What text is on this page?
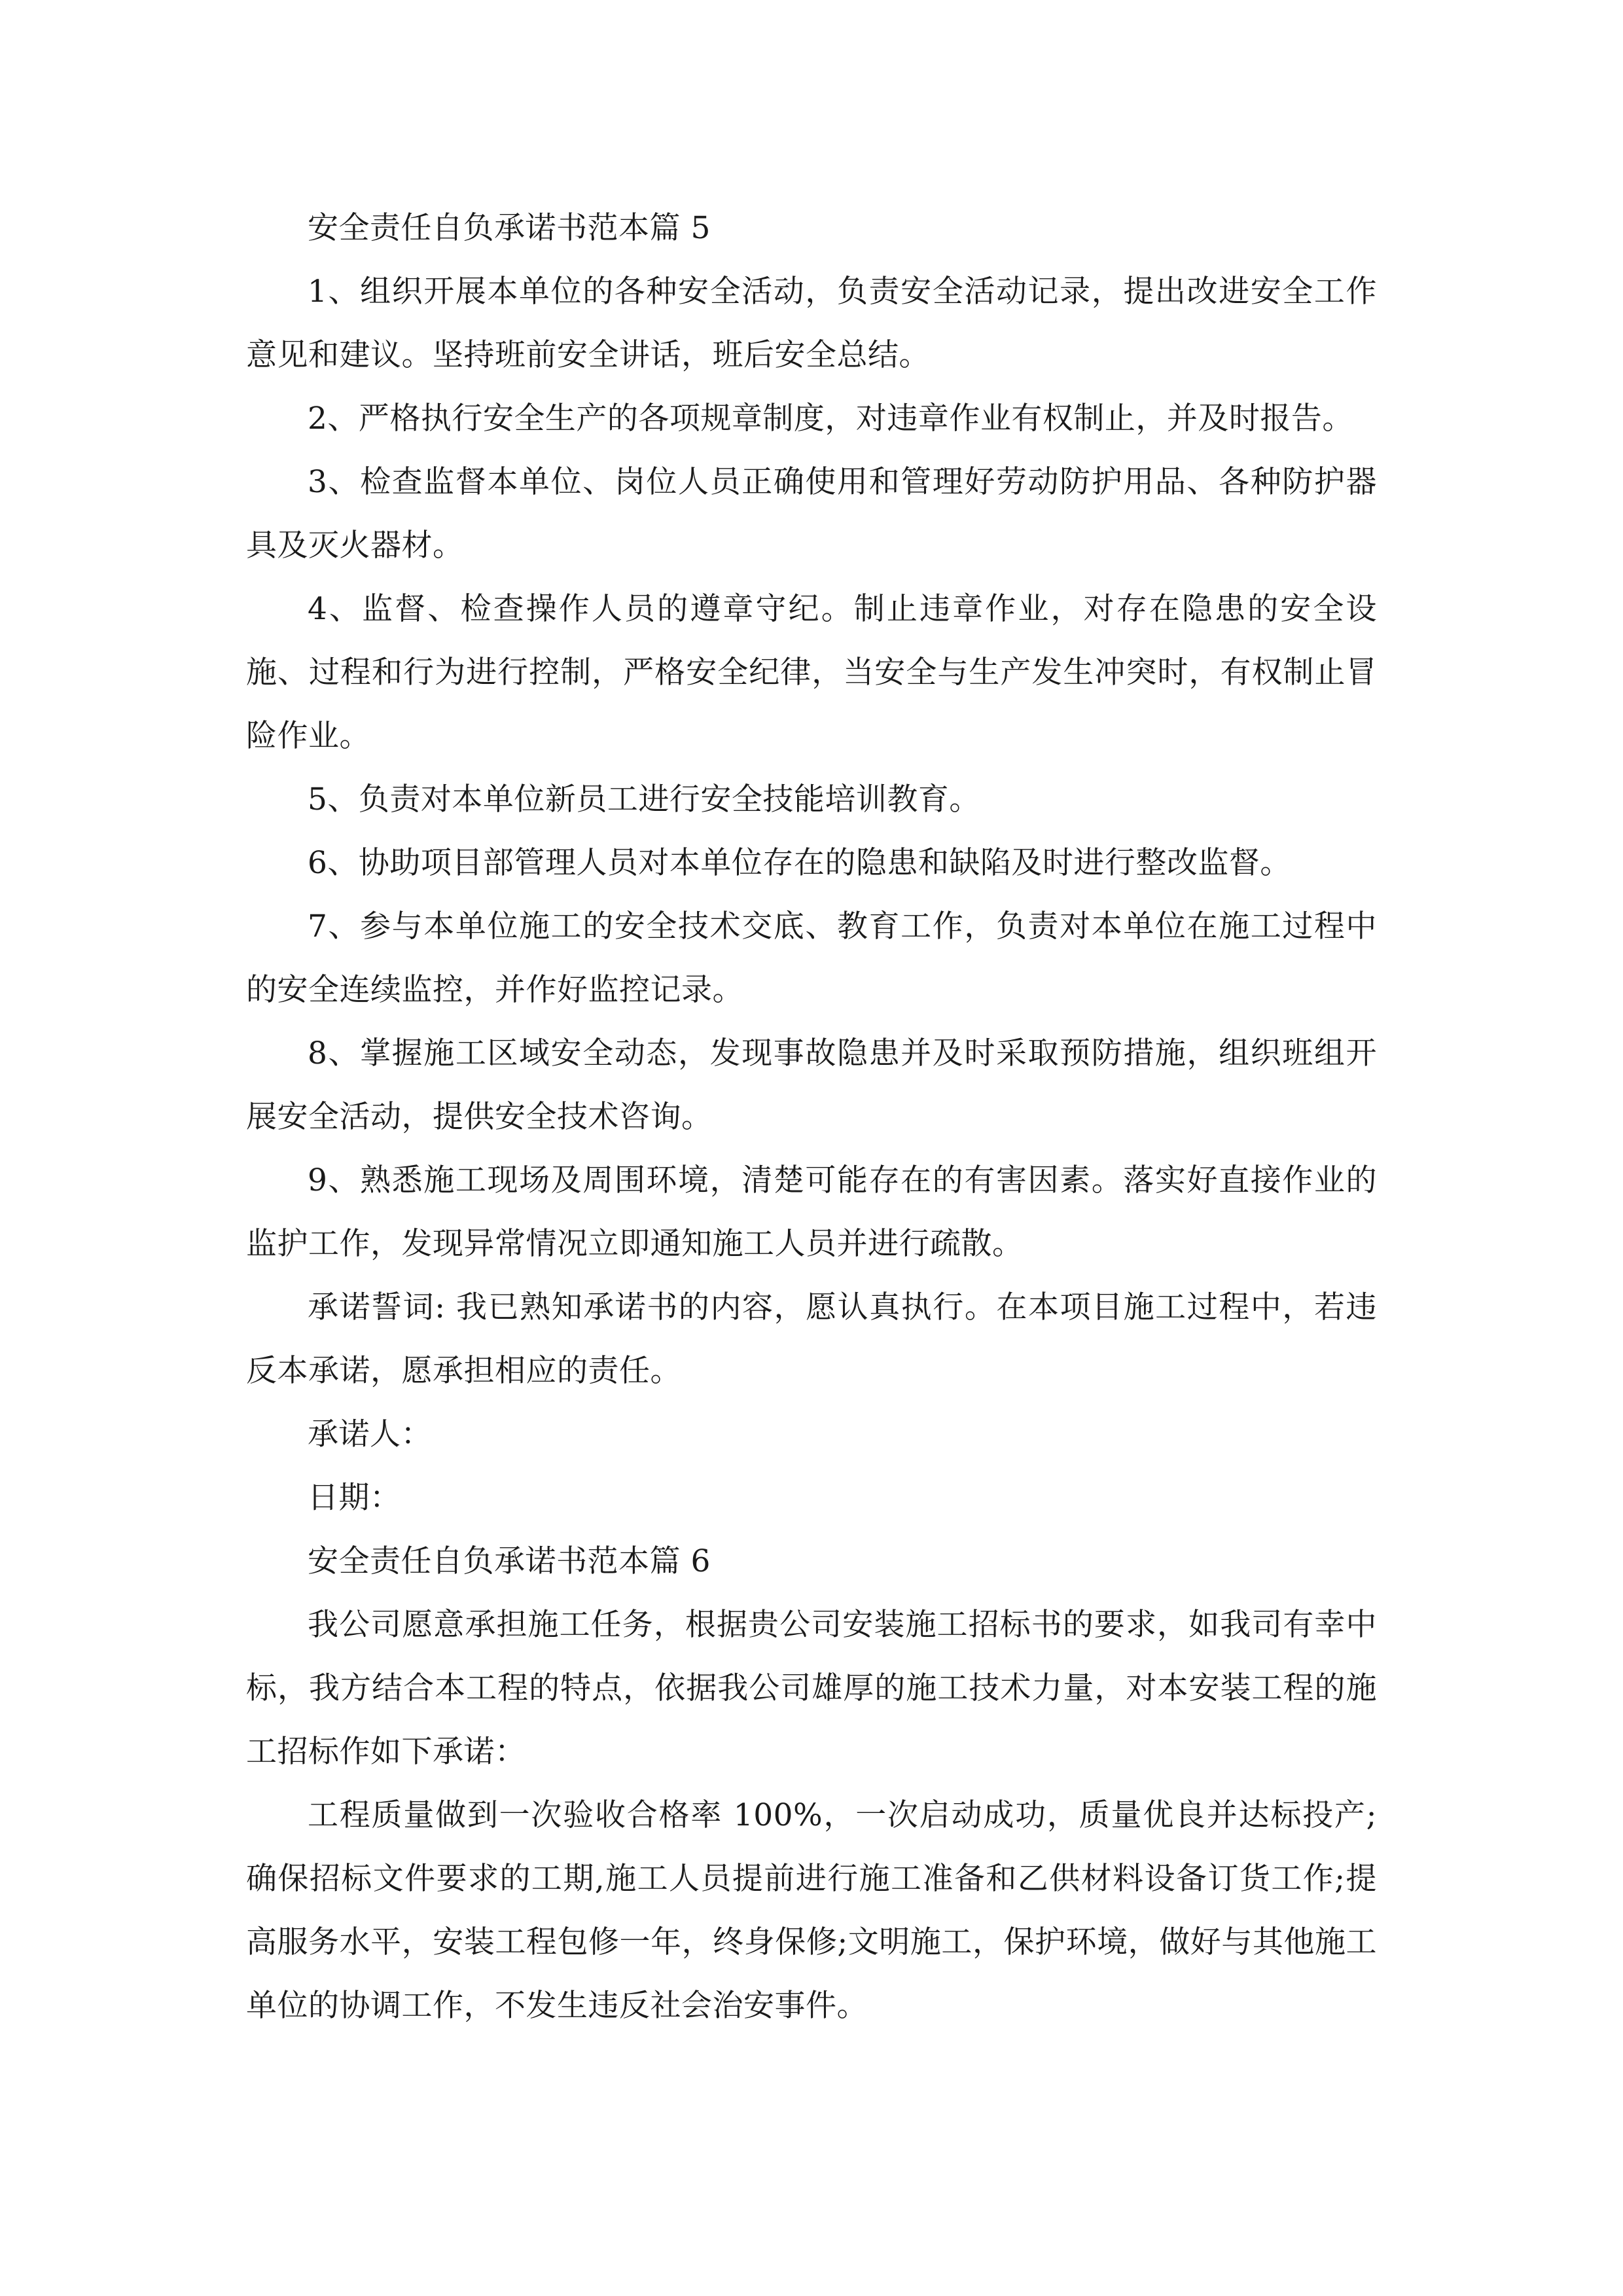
安全责任自负承诺书范本篇 5

1、组织开展本单位的各种安全活动，负责安全活动记录，提出改进安全工作意见和建议。坚持班前安全讲话，班后安全总结。

2、严格执行安全生产的各项规章制度，对违章作业有权制止，并及时报告。

3、检查监督本单位、岗位人员正确使用和管理好劳动防护用品、各种防护器具及灭火器材。

4、监督、检查操作人员的遵章守纪。制止违章作业，对存在隐患的安全设施、过程和行为进行控制，严格安全纪律，当安全与生产发生冲突时，有权制止冒险作业。

5、负责对本单位新员工进行安全技能培训教育。

6、协助项目部管理人员对本单位存在的隐患和缺陷及时进行整改监督。

7、参与本单位施工的安全技术交底、教育工作，负责对本单位在施工过程中的安全连续监控，并作好监控记录。

8、掌握施工区域安全动态，发现事故隐患并及时采取预防措施，组织班组开展安全活动，提供安全技术咨询。

9、熟悉施工现场及周围环境，清楚可能存在的有害因素。落实好直接作业的监护工作，发现异常情况立即通知施工人员并进行疏散。

承诺誓词: 我已熟知承诺书的内容，愿认真执行。在本项目施工过程中，若违反本承诺，愿承担相应的责任。

承诺人：

日期：

安全责任自负承诺书范本篇 6

我公司愿意承担施工任务，根据贵公司安装施工招标书的要求，如我司有幸中标，我方结合本工程的特点，依据我公司雄厚的施工技术力量，对本安装工程的施工招标作如下承诺：

工程质量做到一次验收合格率 100%，一次启动成功，质量优良并达标投产;确保招标文件要求的工期,施工人员提前进行施工准备和乙供材料设备订货工作;提高服务水平，安装工程包修一年，终身保修;文明施工，保护环境，做好与其他施工单位的协调工作，不发生违反社会治安事件。
